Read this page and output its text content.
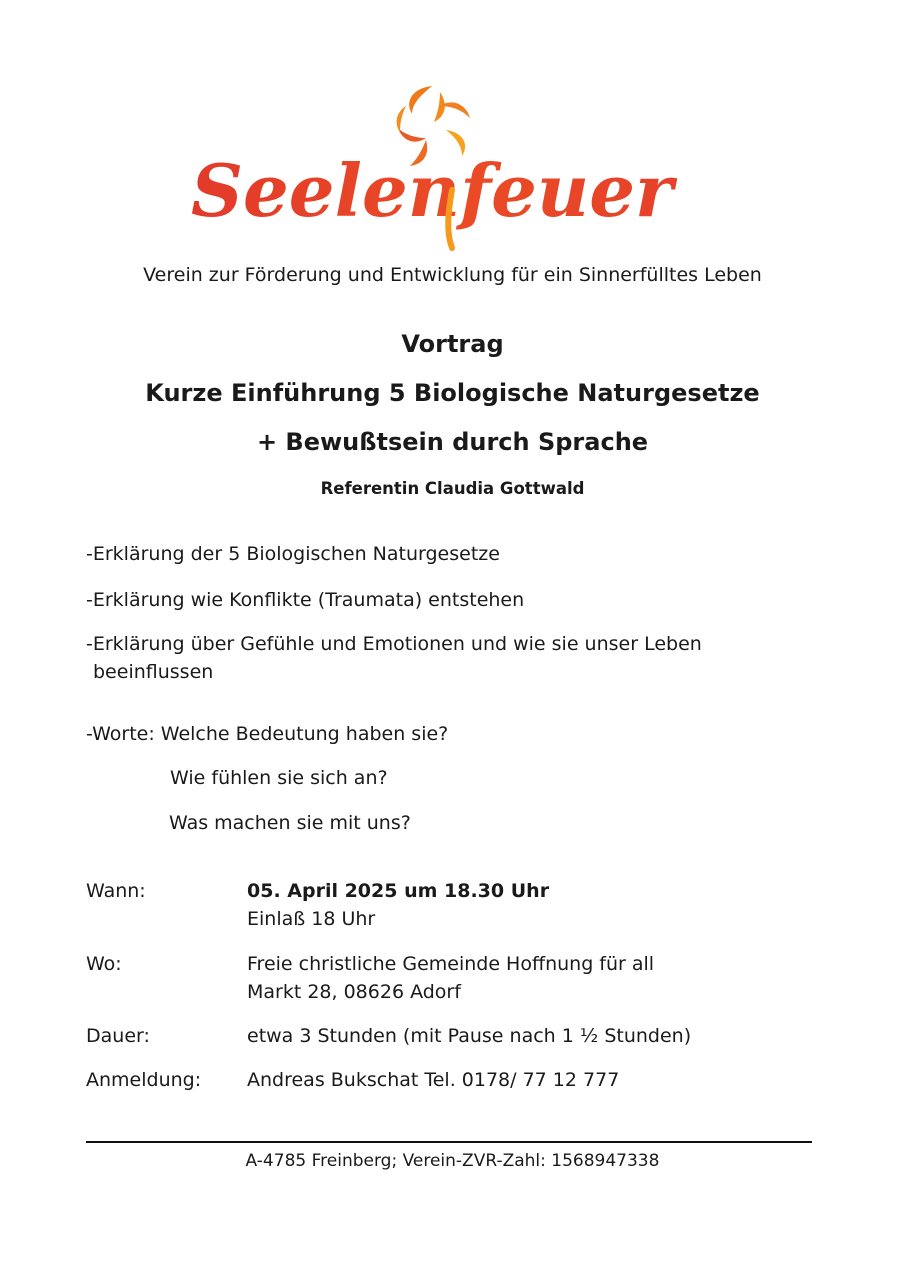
Seelenfeuer
Verein zur Förderung und Entwicklung für ein Sinnerfülltes Leben
Vortrag
Kurze Einführung 5 Biologische Naturgesetze
+ Bewußtsein durch Sprache
Referentin Claudia Gottwald
-Erklärung der 5 Biologischen Naturgesetze
-Erklärung wie Konflikte (Traumata) entstehen
-Erklärung über Gefühle und Emotionen und wie sie unser Leben
beeinflussen
-Worte: Welche Bedeutung haben sie?
Wie fühlen sie sich an?
Was machen sie mit uns?
Wann:	05. April 2025 um 18.30 Uhr
Einlaß 18 Uhr
Wo:	Freie christliche Gemeinde Hoffnung für all
Markt 28, 08626 Adorf
Dauer:	etwa 3 Stunden (mit Pause nach 1 ½ Stunden)
Anmeldung: Andreas Bukschat Tel. 0178/ 77 12 777
A-4785 Freinberg; Verein-ZVR-Zahl: 1568947338
